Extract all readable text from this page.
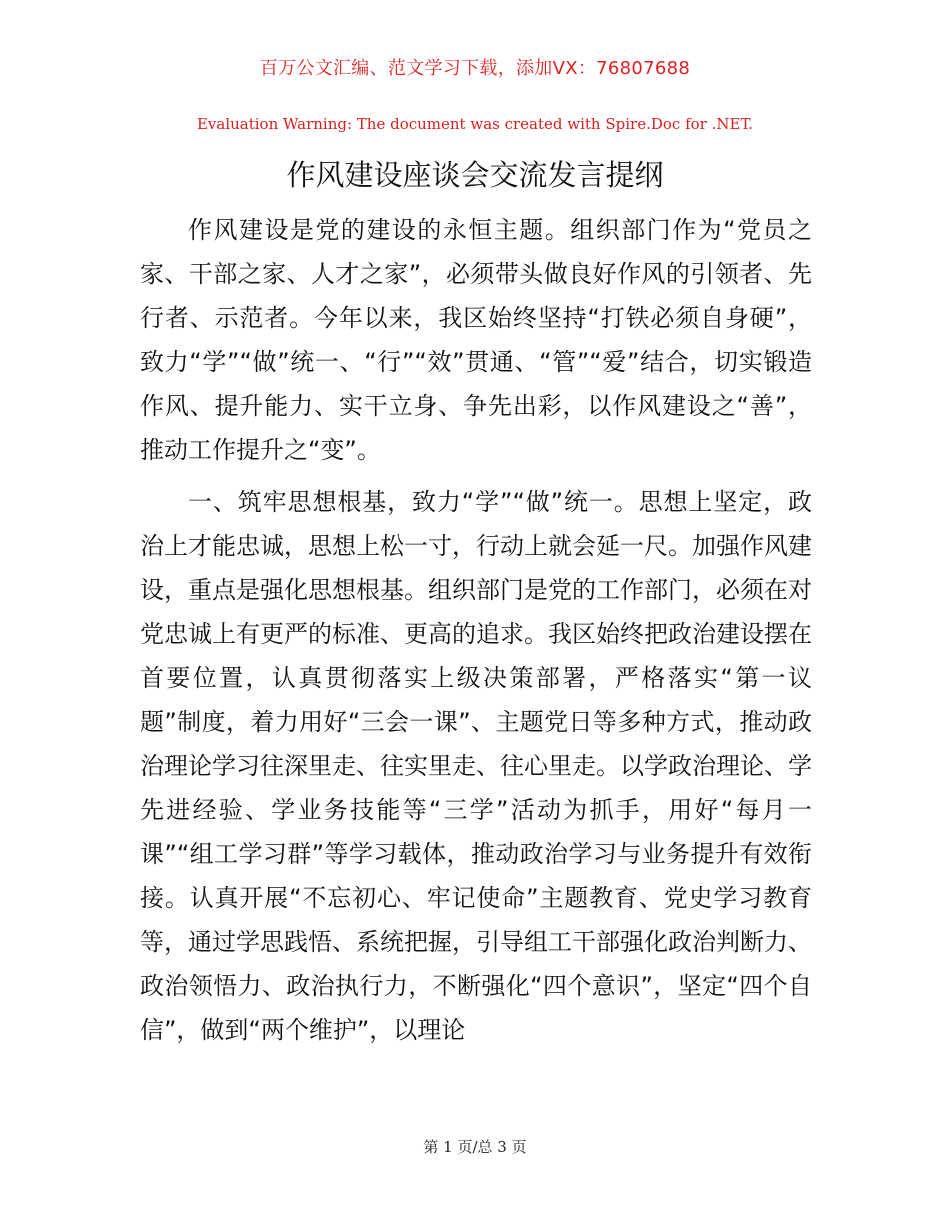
百万公文汇编、范文学习下载，添加VX：76807688
Evaluation Warning: The document was created with Spire.Doc for .NET.
作风建设座谈会交流发言提纲

作风建设是党的建设的永恒主题。组织部门作为“党员之家、干部之家、人才之家”，必须带头做良好作风的引领者、先行者、示范者。今年以来，我区始终坚持“打铁必须自身硬”，致力“学”“做”统一、“行”“效”贯通、“管”“爱”结合，切实锻造作风、提升能力、实干立身、争先出彩，以作风建设之“善”，推动工作提升之“变”。

一、筑牢思想根基，致力“学”“做”统一。思想上坚定，政治上才能忠诚，思想上松一寸，行动上就会延一尺。加强作风建设，重点是强化思想根基。组织部门是党的工作部门，必须在对党忠诚上有更严的标准、更高的追求。我区始终把政治建设摆在首要位置，认真贯彻落实上级决策部署，严格落实“第一议题”制度，着力用好“三会一课”、主题党日等多种方式，推动政治理论学习往深里走、往实里走、往心里走。以学政治理论、学先进经验、学业务技能等“三学”活动为抓手，用好“每月一课”“组工学习群”等学习载体，推动政治学习与业务提升有效衔接。认真开展“不忘初心、牢记使命”主题教育、党史学习教育等，通过学思践悟、系统把握，引导组工干部强化政治判断力、政治领悟力、政治执行力，不断强化“四个意识”，坚定“四个自信”，做到“两个维护”，以理论

第 1 页/总 3 页
